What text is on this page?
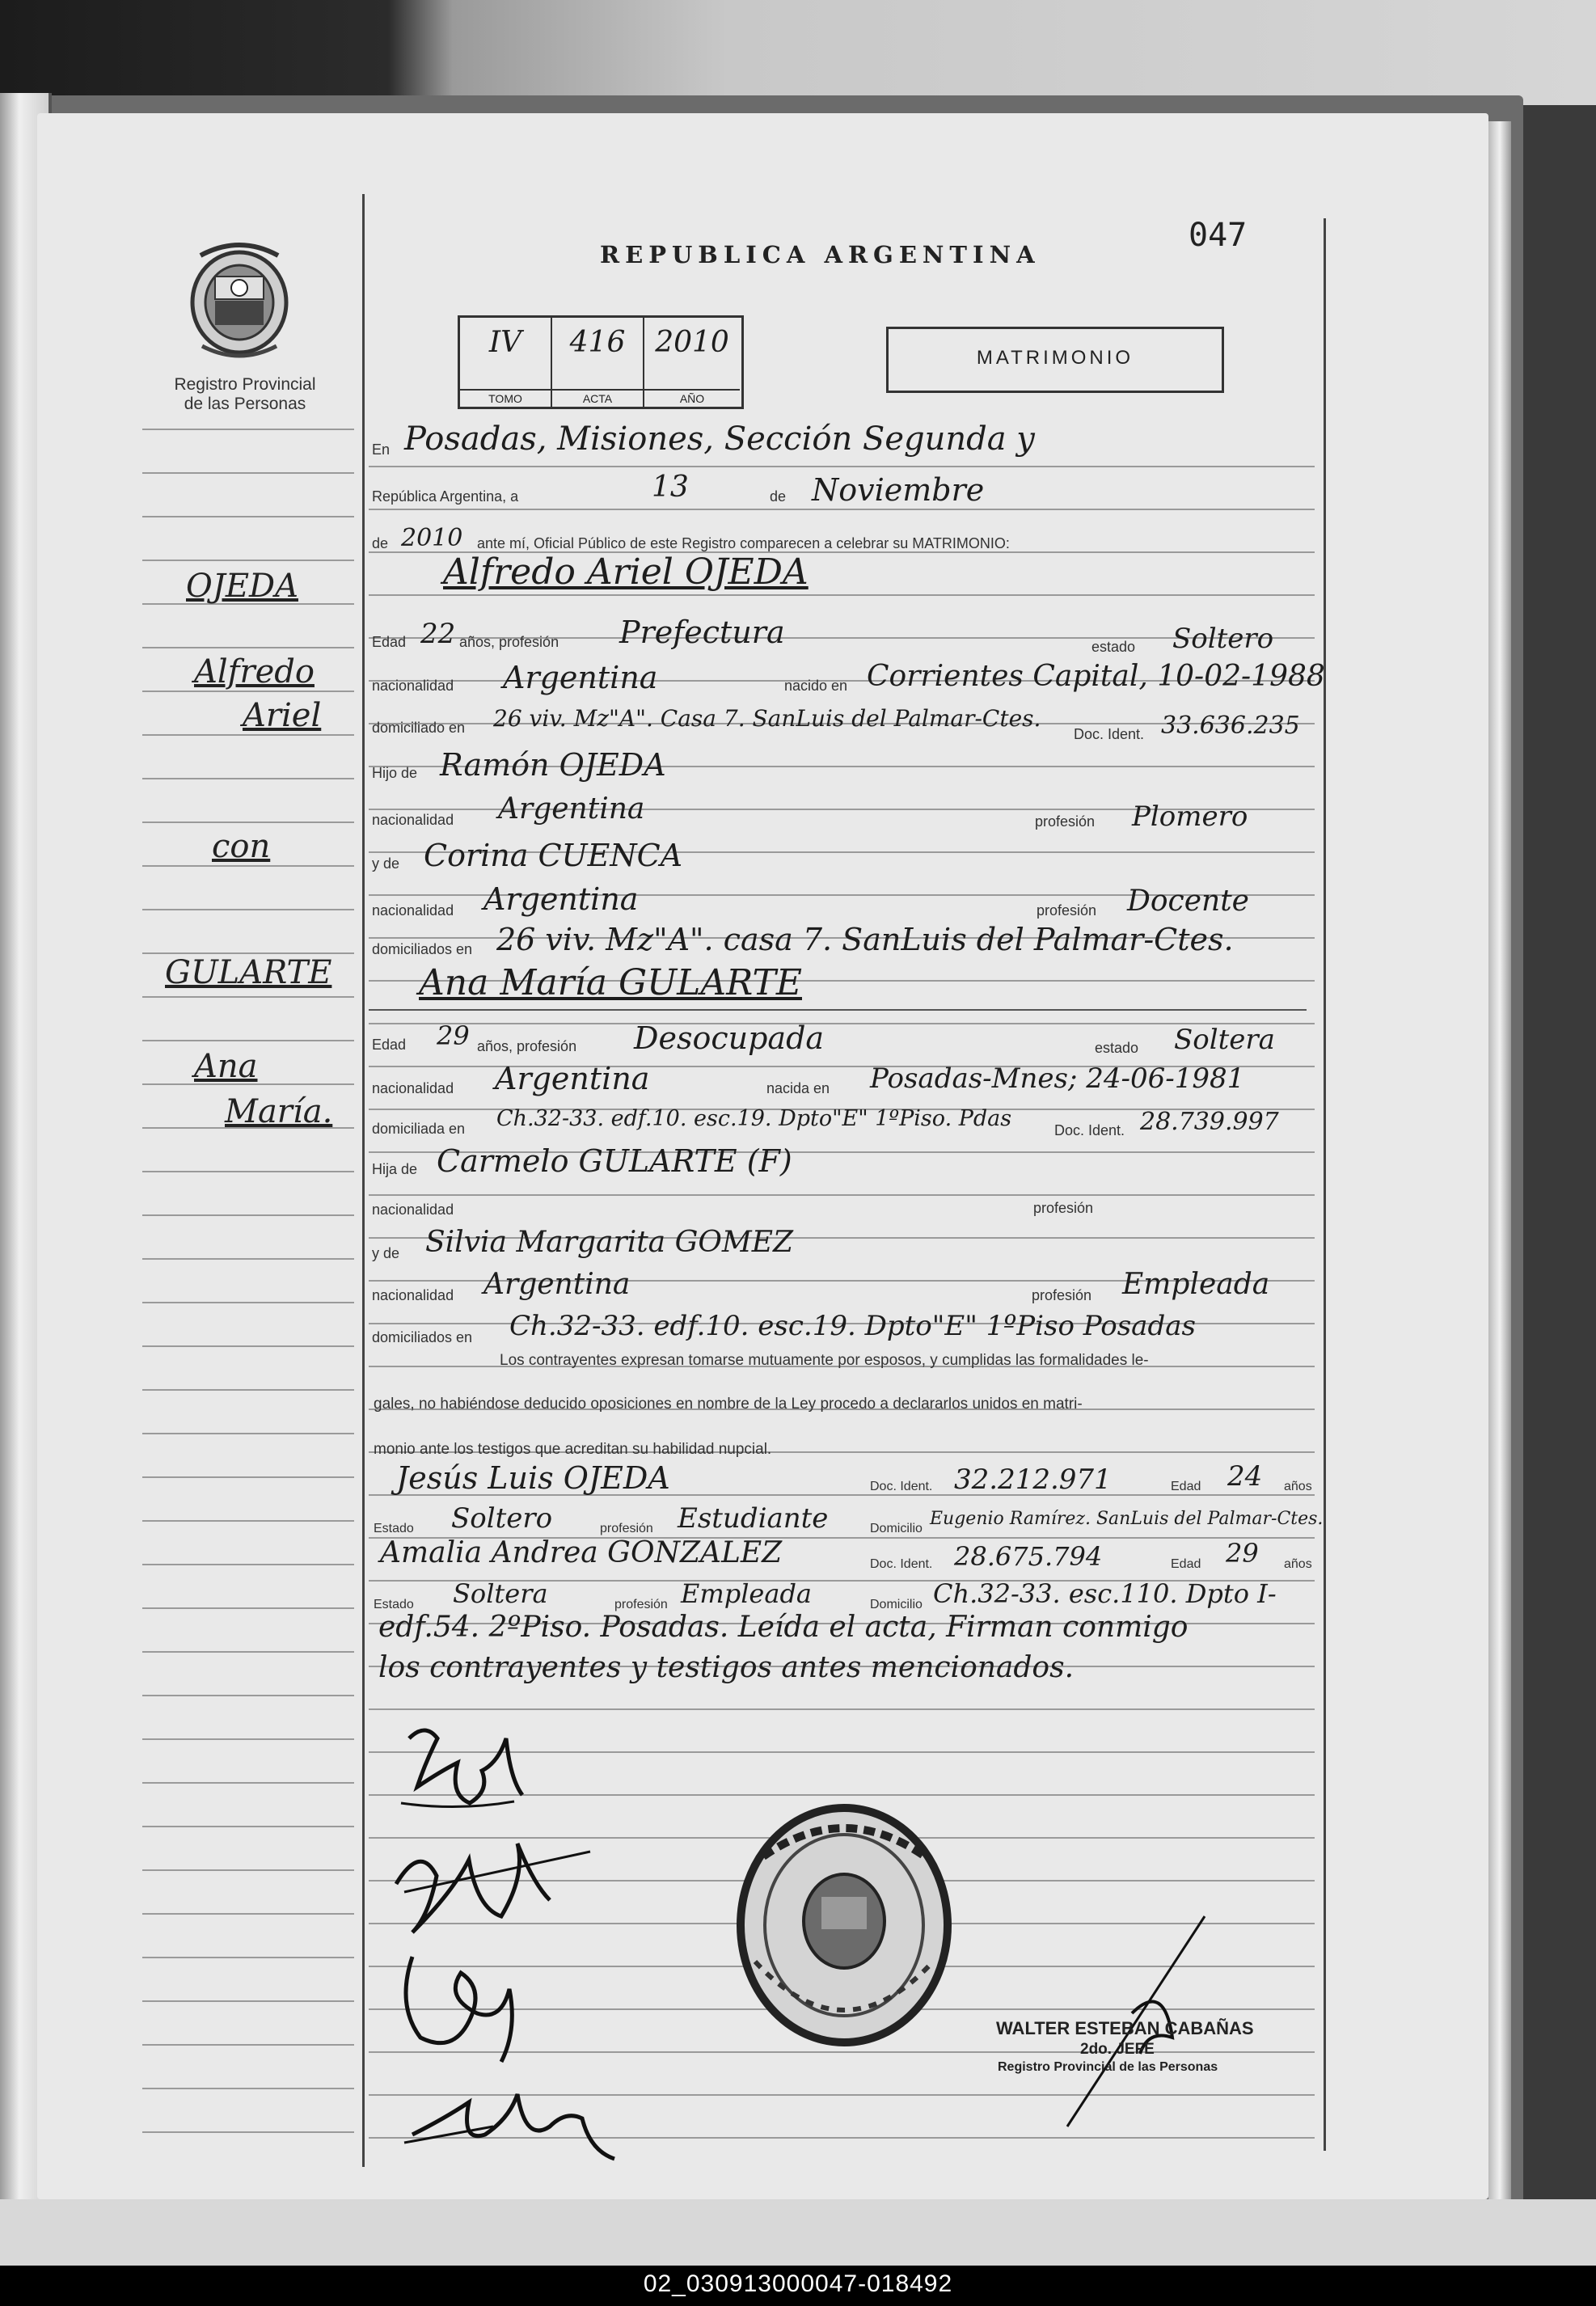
Registro Provincial
de las Personas
REPUBLICA ARGENTINA
047
MATRIMONIO
IV
TOMO
416
ACTA
2010
AÑO
OJEDA
Alfredo
Ariel
con
GULARTE
Ana
María.
En Posadas, Misiones, Sección Segunda y
República Argentina, a	13	de Noviembre
de 2010 ante mí, Oficial Público de este Registro comparecen a celebrar su MATRIMONIO:
Alfredo Ariel OJEDA
Edad 22 años, profesión Prefectura	estado Soltero
nacionalidad Argentina	nacido en Corrientes Capital, 10-02-1988
domiciliado en 26 viv. Mz"A". Casa 7. SanLuis del Palmar-Ctes.
Doc. Ident. 33.636.235
Hijo de Ramón OJEDA
nacionalidad Argentina	profesión Plomero
y de Corina CUENCA
nacionalidad Argentina	profesión Docente
domiciliados en 26 viv. Mz"A". casa 7. SanLuis del Palmar-Ctes.
Ana María GULARTE
Edad 29 años, profesión Desocupada	estado Soltera
nacionalidad Argentina	nacida en Posadas-Mnes; 24-06-1981
domiciliada en Ch.32-33. edf.10. esc.19. Dpto"E" 1ºPiso. Pdas	Doc. Ident. 28.739.997
Hija de Carmelo GULARTE (F)
nacionalidad	profesión
y de Silvia Margarita GOMEZ
nacionalidad Argentina	profesión Empleada
domiciliados en Ch.32-33. edf.10. esc.19. Dpto"E" 1ºPiso Posadas
Los contrayentes expresan tomarse mutuamente por esposos, y cumplidas las formalidades le-
gales, no habiéndose deducido oposiciones en nombre de la Ley procedo a declararlos unidos en matri-
monio ante los testigos que acreditan su habilidad nupcial.
Jesús Luis OJEDA	Doc. Ident. 32.212.971	Edad 24 años
Estado Soltero	profesión Estudiante	Domicilio Eugenio Ramírez. SanLuis del Palmar-Ctes.
Amalia Andrea GONZALEZ	Doc. Ident. 28.675.794	Edad 29 años
Estado Soltera	profesión Empleada	Domicilio Ch.32-33. esc.110. Dpto I-
edf.54. 2ºPiso. Posadas. Leída el acta, Firman conmigo
los contrayentes y testigos antes mencionados.
WALTER ESTEBAN CABAÑAS
2do. JEFE
Registro Provincial de las Personas
02_030913000047-018492
